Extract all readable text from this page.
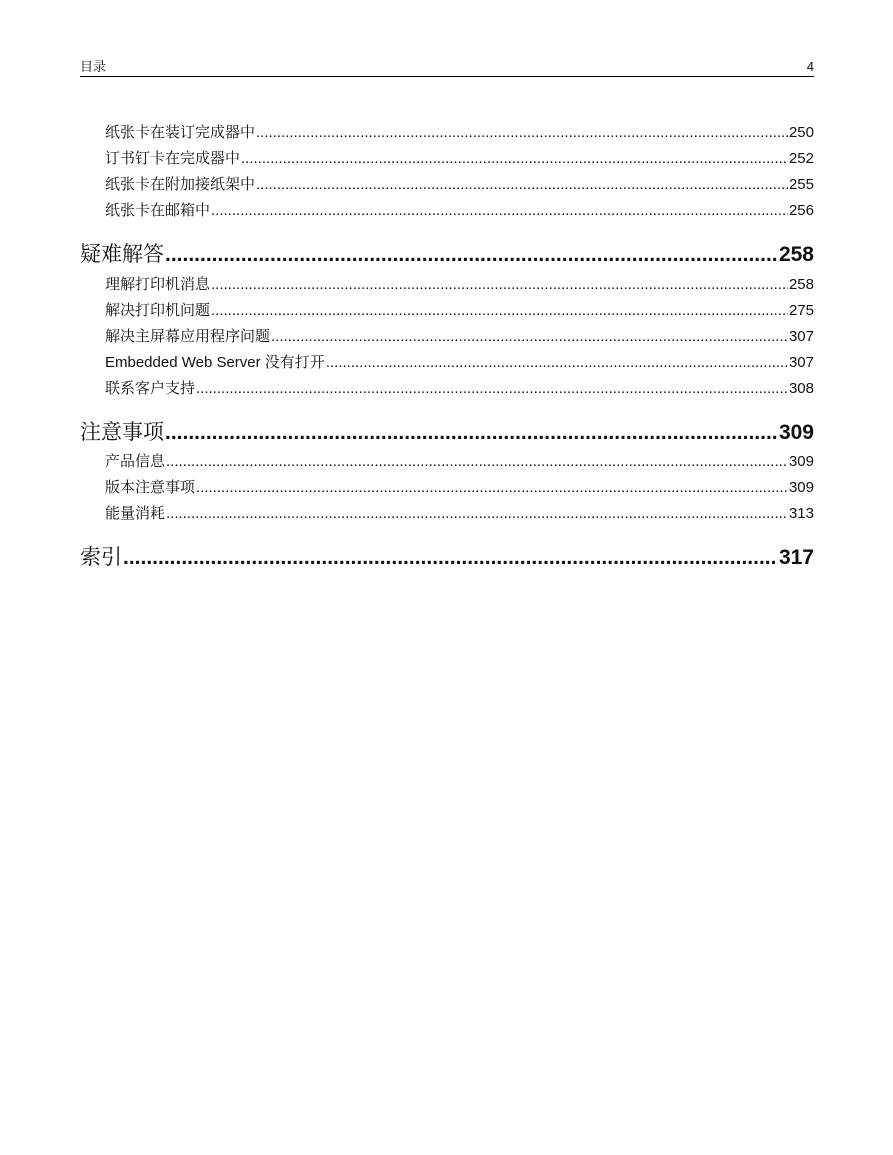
目录	4
纸张卡在装订完成器中 .....	250
订书钉卡在完成器中 .....	252
纸张卡在附加接纸架中 .....	255
纸张卡在邮箱中 .....	256
疑难解答 .....	258
理解打印机消息 .....	258
解决打印机问题 .....	275
解决主屏幕应用程序问题 .....	307
Embedded Web Server 没有打开 .....	307
联系客户支持 .....	308
注意事项 .....	309
产品信息 .....	309
版本注意事项 .....	309
能量消耗 .....	313
索引 .....	317
